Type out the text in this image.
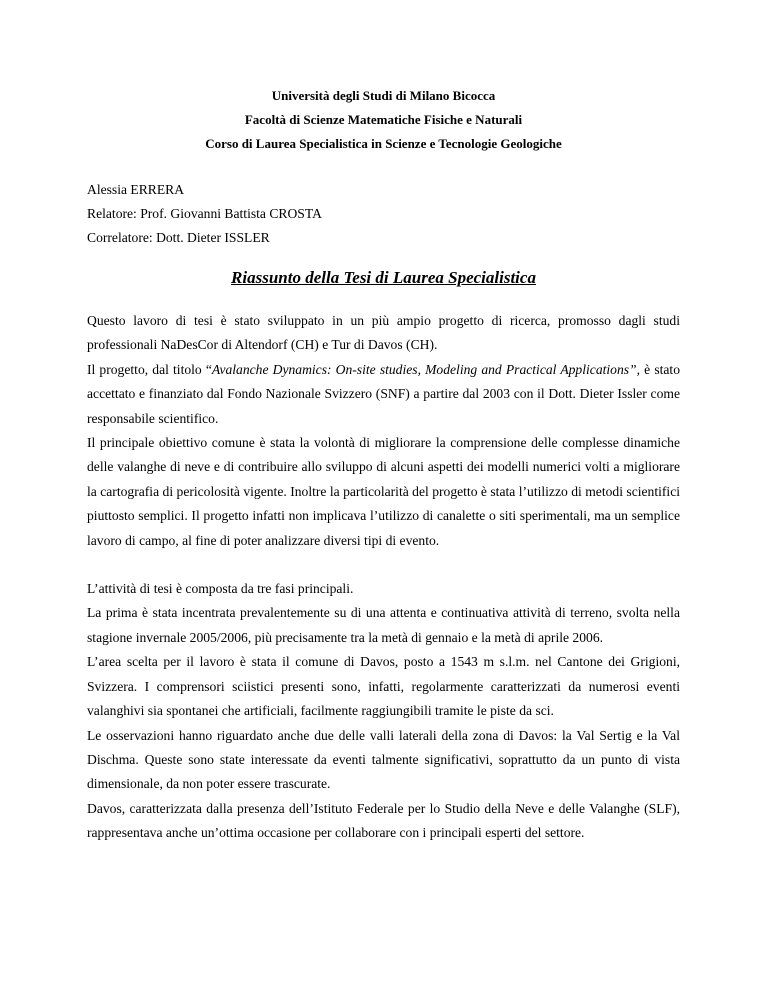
Università degli Studi di Milano Bicocca
Facoltà di Scienze Matematiche Fisiche e Naturali
Corso di Laurea Specialistica in Scienze e Tecnologie Geologiche
Alessia ERRERA
Relatore: Prof. Giovanni Battista CROSTA
Correlatore: Dott. Dieter ISSLER
Riassunto della Tesi di Laurea Specialistica

Questo lavoro di tesi è stato sviluppato in un più ampio progetto di ricerca, promosso dagli studi professionali NaDesCor di Altendorf (CH) e Tur di Davos (CH).

Il progetto, dal titolo “Avalanche Dynamics: On-site studies, Modeling and Practical Applications”, è stato accettato e finanziato dal Fondo Nazionale Svizzero (SNF) a partire dal 2003 con il Dott. Dieter Issler come responsabile scientifico.

Il principale obiettivo comune è stata la volontà di migliorare la comprensione delle complesse dinamiche delle valanghe di neve e di contribuire allo sviluppo di alcuni aspetti dei modelli numerici volti a migliorare la cartografia di pericolosità vigente. Inoltre la particolarità del progetto è stata l’utilizzo di metodi scientifici piuttosto semplici. Il progetto infatti non implicava l’utilizzo di canalette o siti sperimentali, ma un semplice lavoro di campo, al fine di poter analizzare diversi tipi di evento.

L’attività di tesi è composta da tre fasi principali.

La prima è stata incentrata prevalentemente su di una attenta e continuativa attività di terreno, svolta nella stagione invernale 2005/2006, più precisamente tra la metà di gennaio e la metà di aprile 2006.

L’area scelta per il lavoro è stata il comune di Davos, posto a 1543 m s.l.m. nel Cantone dei Grigioni, Svizzera. I comprensori sciistici presenti sono, infatti, regolarmente caratterizzati da numerosi eventi valanghivi sia spontanei che artificiali, facilmente raggiungibili tramite le piste da sci.

Le osservazioni hanno riguardato anche due delle valli laterali della zona di Davos: la Val Sertig e la Val Dischma. Queste sono state interessate da eventi talmente significativi, soprattutto da un punto di vista dimensionale, da non poter essere trascurate.

Davos, caratterizzata dalla presenza dell’Istituto Federale per lo Studio della Neve e delle Valanghe (SLF), rappresentava anche un’ottima occasione per collaborare con i principali esperti del settore.
